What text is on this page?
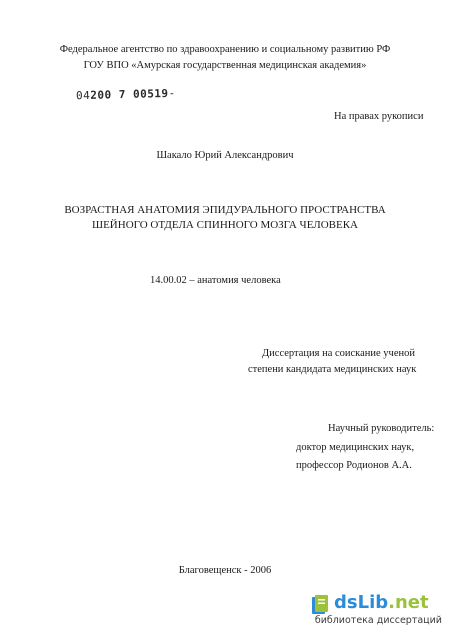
Федеральное агентство по здравоохранению и социальному развитию РФ
ГОУ ВПО «Амурская государственная медицинская академия»
04200 7 00519-
На правах рукописи
Шакало Юрий Александрович
ВОЗРАСТНАЯ АНАТОМИЯ ЭПИДУРАЛЬНОГО ПРОСТРАНСТВА
ШЕЙНОГО ОТДЕЛА СПИННОГО МОЗГА ЧЕЛОВЕКА
14.00.02 – анатомия человека
Диссертация на соискание ученой
степени кандидата медицинских наук
Научный руководитель:
доктор медицинских наук,
профессор Родионов А.А.
Благовещенск - 2006
dsLib.net
библиотека диссертаций
